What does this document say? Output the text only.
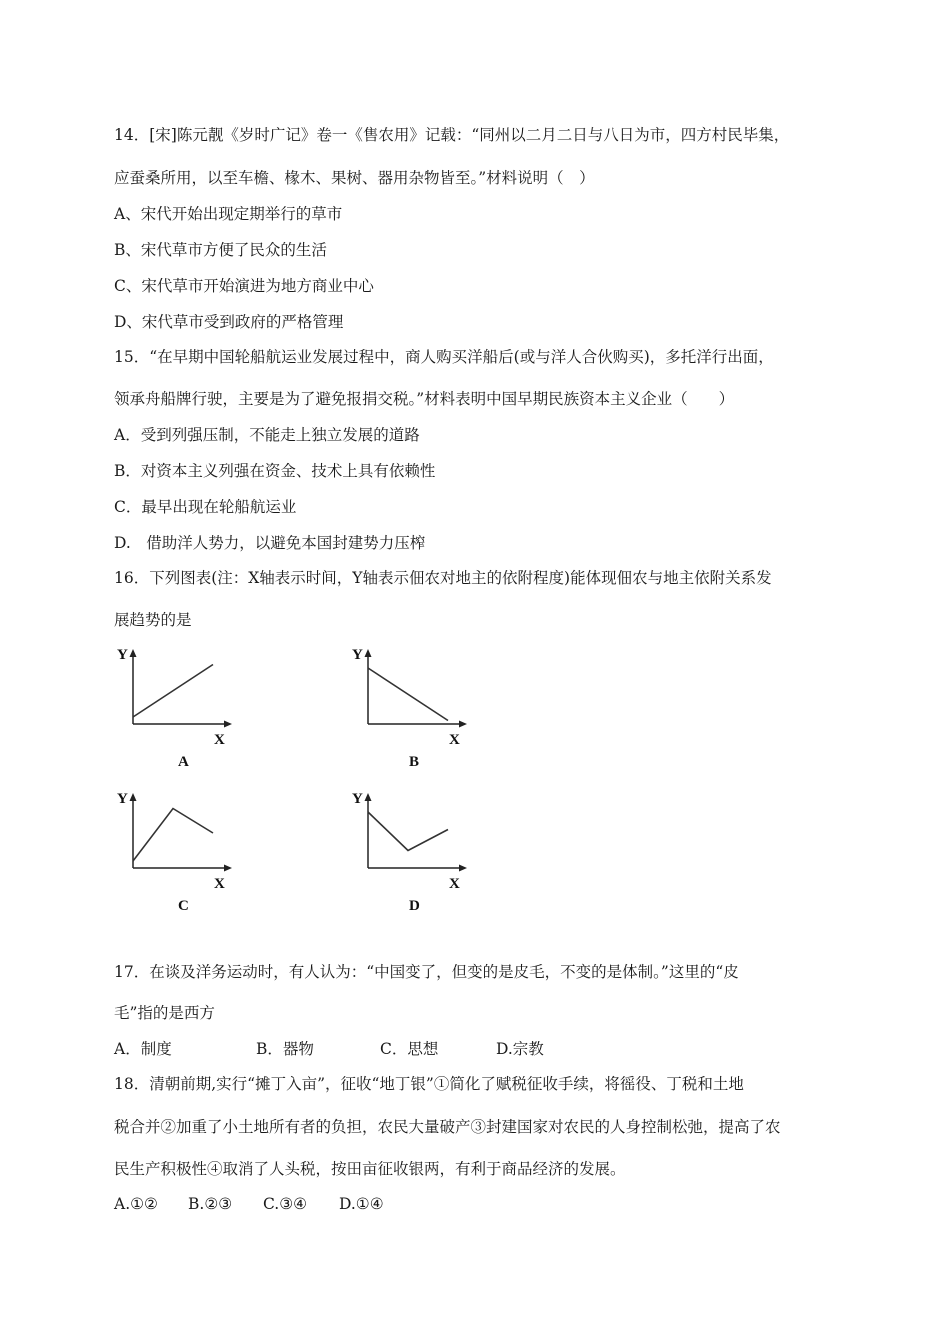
14．[宋]陈元靓《岁时广记》卷一《售农用》记载：“同州以二月二日与八日为市，四方村民毕集，
应蚕桑所用，以至车檐、椽木、果树、器用杂物皆至。”材料说明（　）
A、宋代开始出现定期举行的草市
B、宋代草市方便了民众的生活
C、宋代草市开始演进为地方商业中心
D、宋代草市受到政府的严格管理
15．“在早期中国轮船航运业发展过程中，商人购买洋船后(或与洋人合伙购买)，多托洋行出面，
领承舟船牌行驶，主要是为了避免报捐交税。”材料表明中国早期民族资本主义企业（　　）
A．受到列强压制，不能走上独立发展的道路
B．对资本主义列强在资金、技术上具有依赖性
C．最早出现在轮船航运业
D.　借助洋人势力，以避免本国封建势力压榨
16．下列图表(注：X轴表示时间，Y轴表示佃农对地主的依附程度)能体现佃农与地主依附关系发
展趋势的是
Y
X
A
Y
X
B
Y
X
C
Y
X
D
17．在谈及洋务运动时，有人认为：“中国变了，但变的是皮毛，不变的是体制。”这里的“皮
毛”指的是西方
A．制度	B．器物	C．思想	D.宗教
18．清朝前期,实行“摊丁入亩”，征收“地丁银”①简化了赋税征收手续，将徭役、丁税和土地
税合并②加重了小土地所有者的负担，农民大量破产③封建国家对农民的人身控制松弛，提高了农
民生产积极性④取消了人头税，按田亩征收银两，有利于商品经济的发展。
A.①② B.②③ C.③④ D.①④
